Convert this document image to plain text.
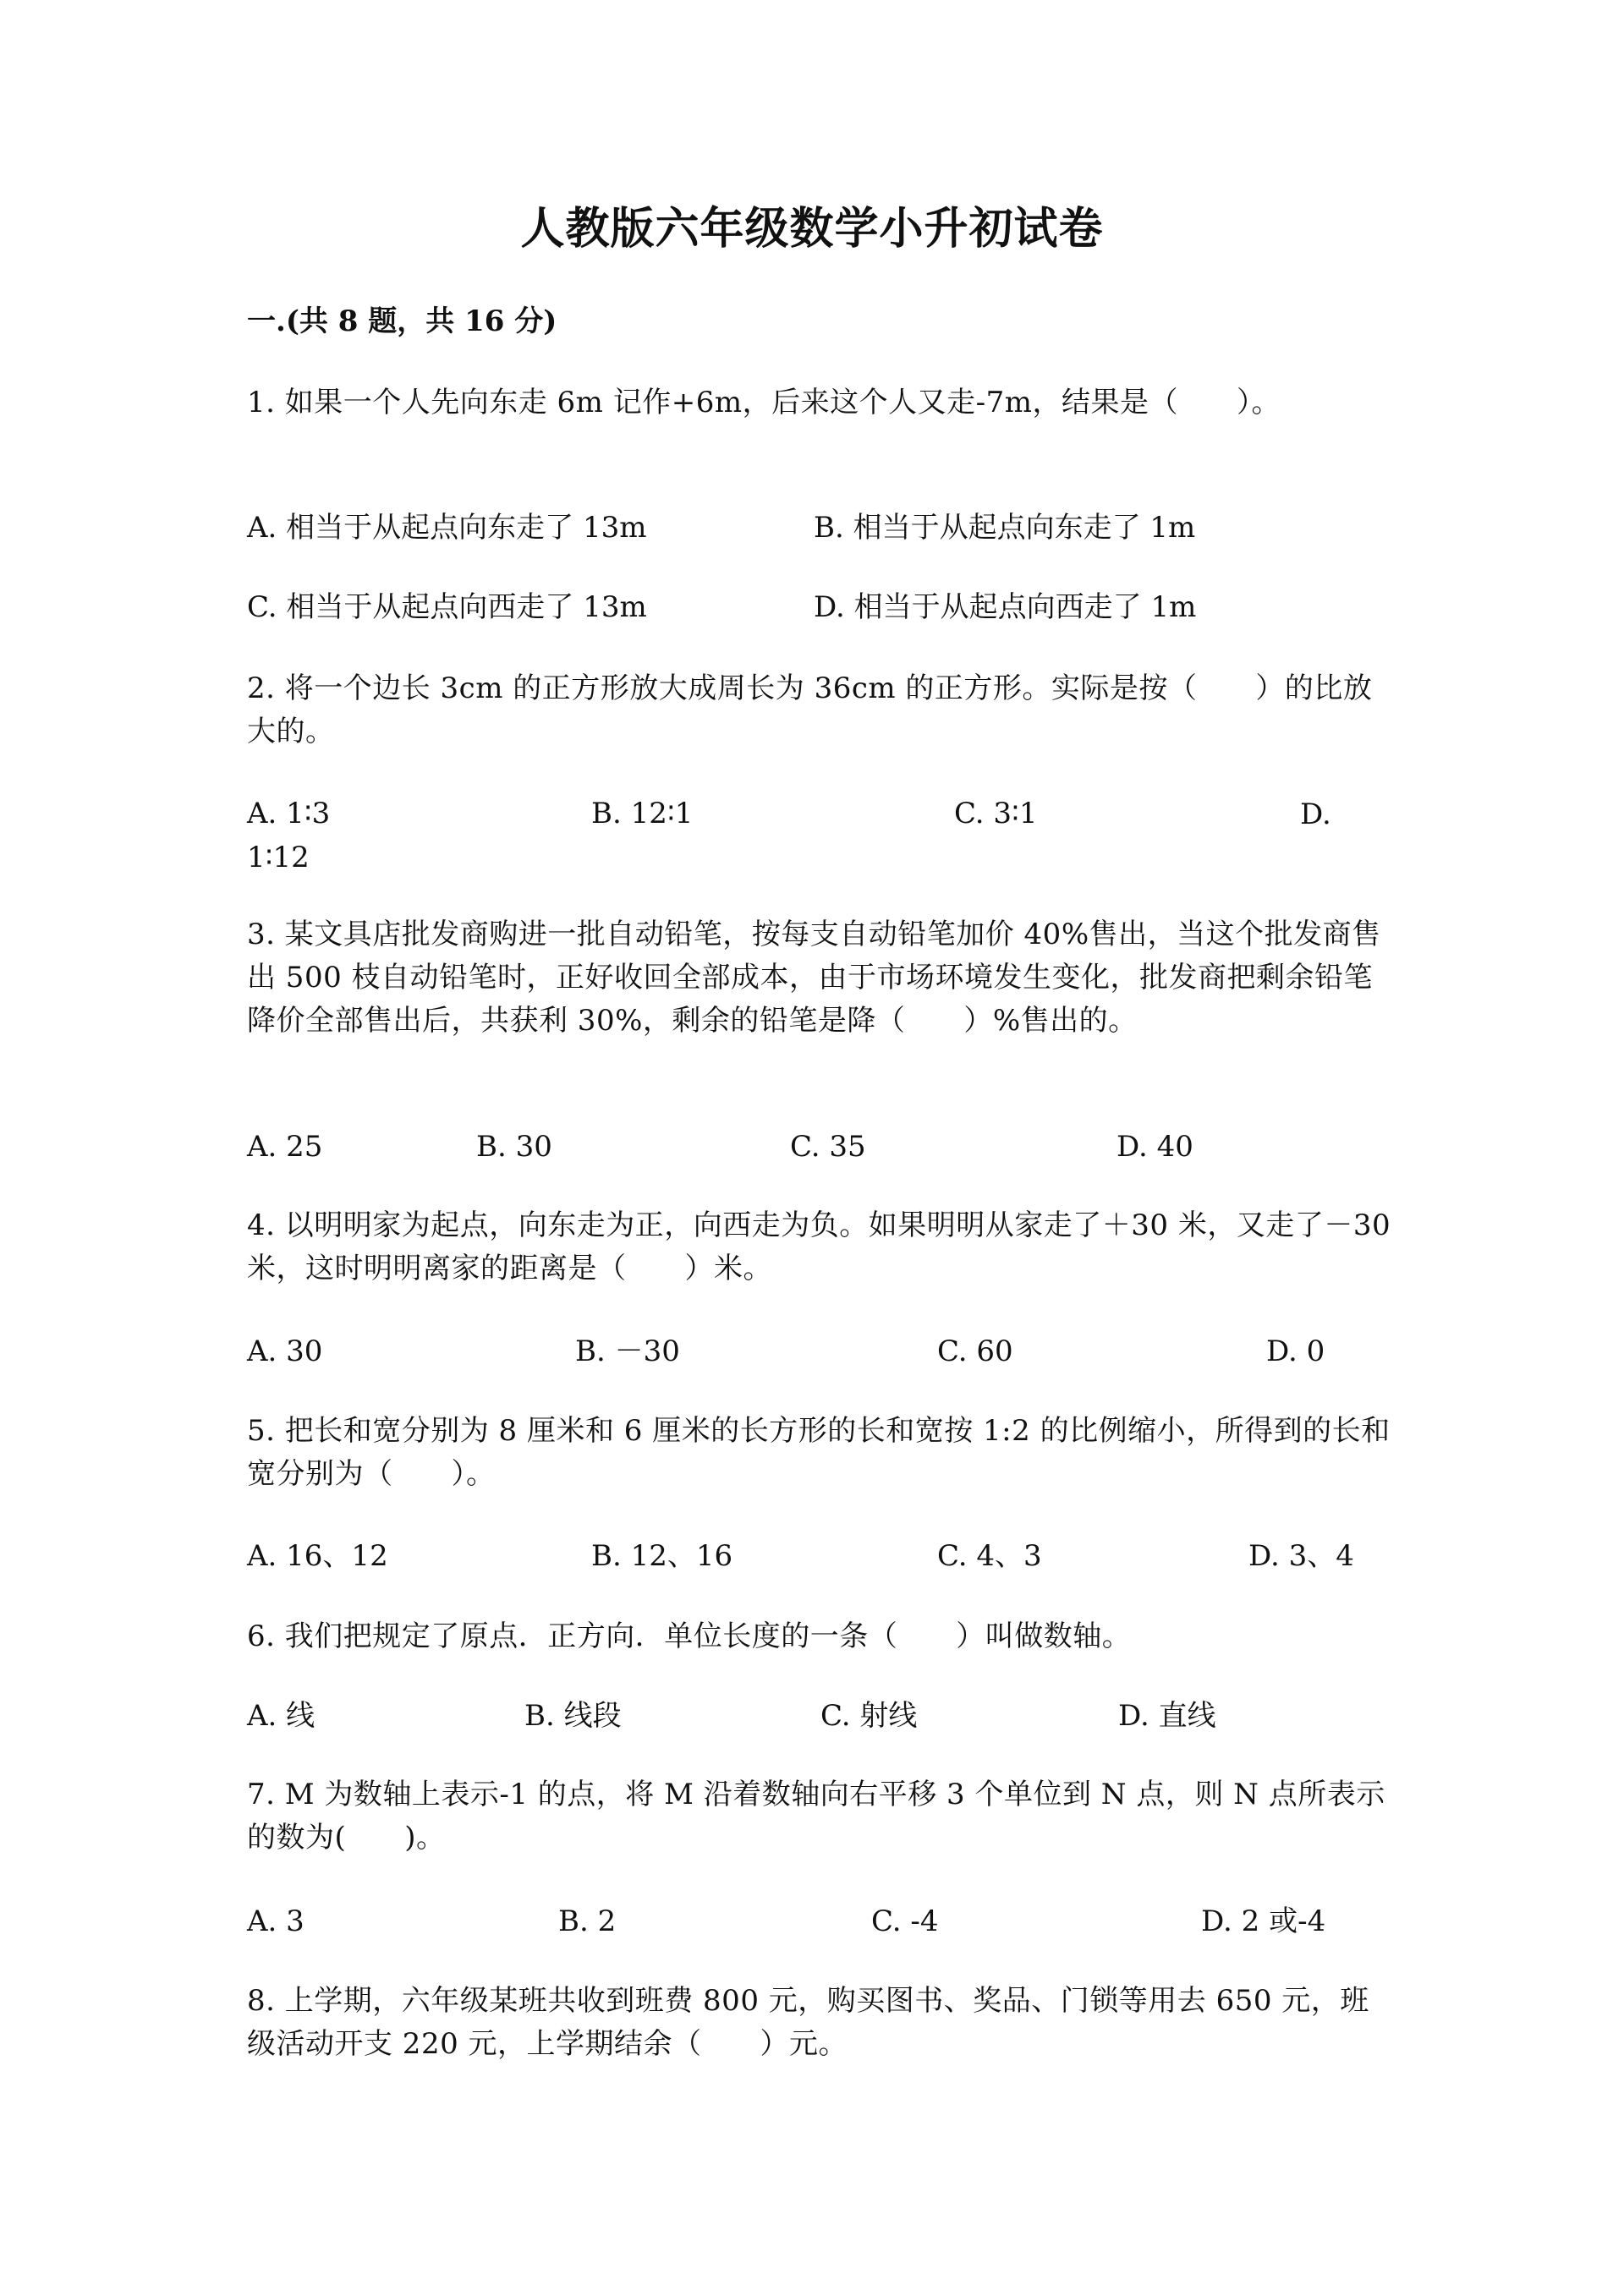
人教版六年级数学小升初试卷
一.(共 8 题，共 16 分)
1. 如果一个人先向东走 6m 记作+6m，后来这个人又走-7m，结果是（　　）。
A. 相当于从起点向东走了 13m	B. 相当于从起点向东走了 1m
C. 相当于从起点向西走了 13m	D. 相当于从起点向西走了 1m
2. 将一个边长 3cm 的正方形放大成周长为 36cm 的正方形。实际是按（　　）的比放大的。
A. 1∶3	B. 12∶1	C. 3∶1	D. 1∶12
3. 某文具店批发商购进一批自动铅笔，按每支自动铅笔加价 40%售出，当这个批发商售出 500 枝自动铅笔时，正好收回全部成本，由于市场环境发生变化，批发商把剩余铅笔降价全部售出后，共获利 30%，剩余的铅笔是降（　　）%售出的。
A. 25	B. 30	C. 35	D. 40
4. 以明明家为起点，向东走为正，向西走为负。如果明明从家走了＋30 米，又走了－30 米，这时明明离家的距离是（　　）米。
A. 30	B. －30	C. 60	D. 0
5. 把长和宽分别为 8 厘米和 6 厘米的长方形的长和宽按 1:2 的比例缩小，所得到的长和宽分别为（　　）。
A. 16、12	B. 12、16	C. 4、3	D. 3、4
6. 我们把规定了原点．正方向．单位长度的一条（　　）叫做数轴。
A. 线	B. 线段	C. 射线	D. 直线
7. M 为数轴上表示-1 的点，将 M 沿着数轴向右平移 3 个单位到 N 点，则 N 点所表示的数为(　　)。
A. 3	B. 2	C. -4	D. 2 或-4
8. 上学期，六年级某班共收到班费 800 元，购买图书、奖品、门锁等用去 650 元，班级活动开支 220 元，上学期结余（　　）元。
